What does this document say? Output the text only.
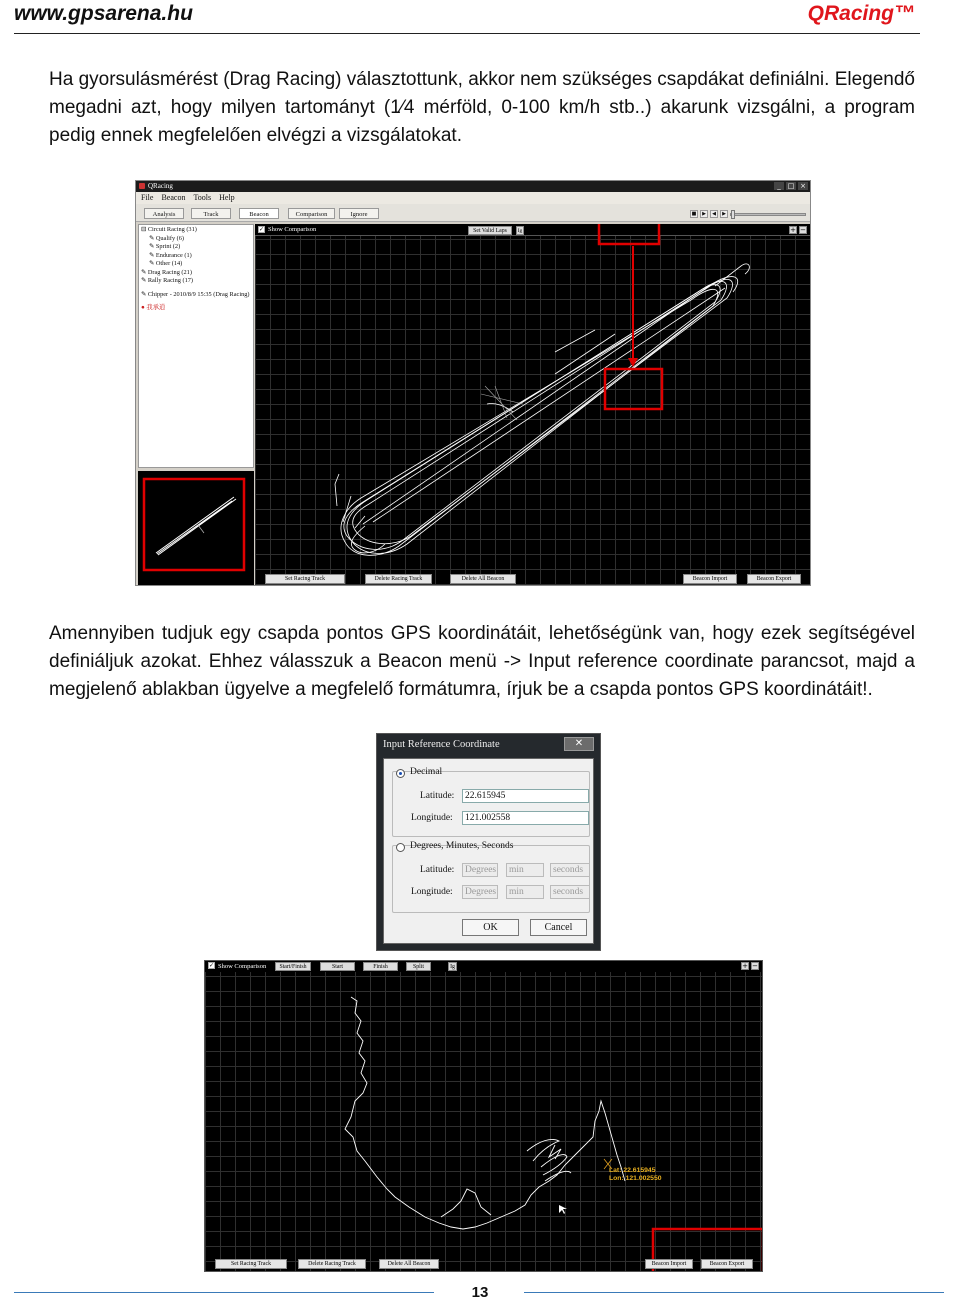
www.gpsarena.hu	QRacing™
Ha gyorsulásmérést (Drag Racing) választottunk, akkor nem szükséges csapdákat definiálni. Elegendő megadni azt, hogy milyen tartományt (1⁄4 mérföld, 0-100 km/h stb..) akarunk vizsgálni, a program pedig ennek megfelelően elvégzi a vizsgálatokat.
QRacing	_ □ ×
File Beacon Tools Help
Analysis	Track	Beacon	Comparison	Ignore	■	▶	◀	▶
⊟ Circuit Racing (31)
✎ Qualify (6)
✎ Sprint (2)
✎ Endurance (1)
✎ Other (14)
✎ Drag Racing (21)
✎ Rally Racing (17)
✎ Chipper - 2010/8/9 15:35 (Drag Racing)
● 我承逍
✓ Show Comparison	Set Valid Laps	Ig	+ −
Set Racing Track	Delete Racing Track	Delete All Beacon	Beacon Import	Beacon Export
Amennyiben tudjuk egy csapda pontos GPS koordinátáit, lehetőségünk van, hogy ezek segítségével definiáljuk azokat. Ehhez válasszuk a Beacon menü -> Input reference coordinate parancsot, majd a megjelenő ablakban ügyelve a megfelelő formátumra, írjuk be a csapda pontos GPS koordinátáit!.
Input Reference Coordinate	✕
Decimal
Latitude:	22.615945
Longitude:	121.002558
Degrees, Minutes, Seconds
Latitude:	Degrees	min	seconds
Longitude:	Degrees	min	seconds
OK	Cancel
✓ Show Comparison	Start/Finish	Start	Finish	Split	Ig	+ −
Lat: 22.615945
Lon: 121.002550
Set Racing Track	Delete Racing Track	Delete All Beacon	Beacon Import	Beacon Export
13
